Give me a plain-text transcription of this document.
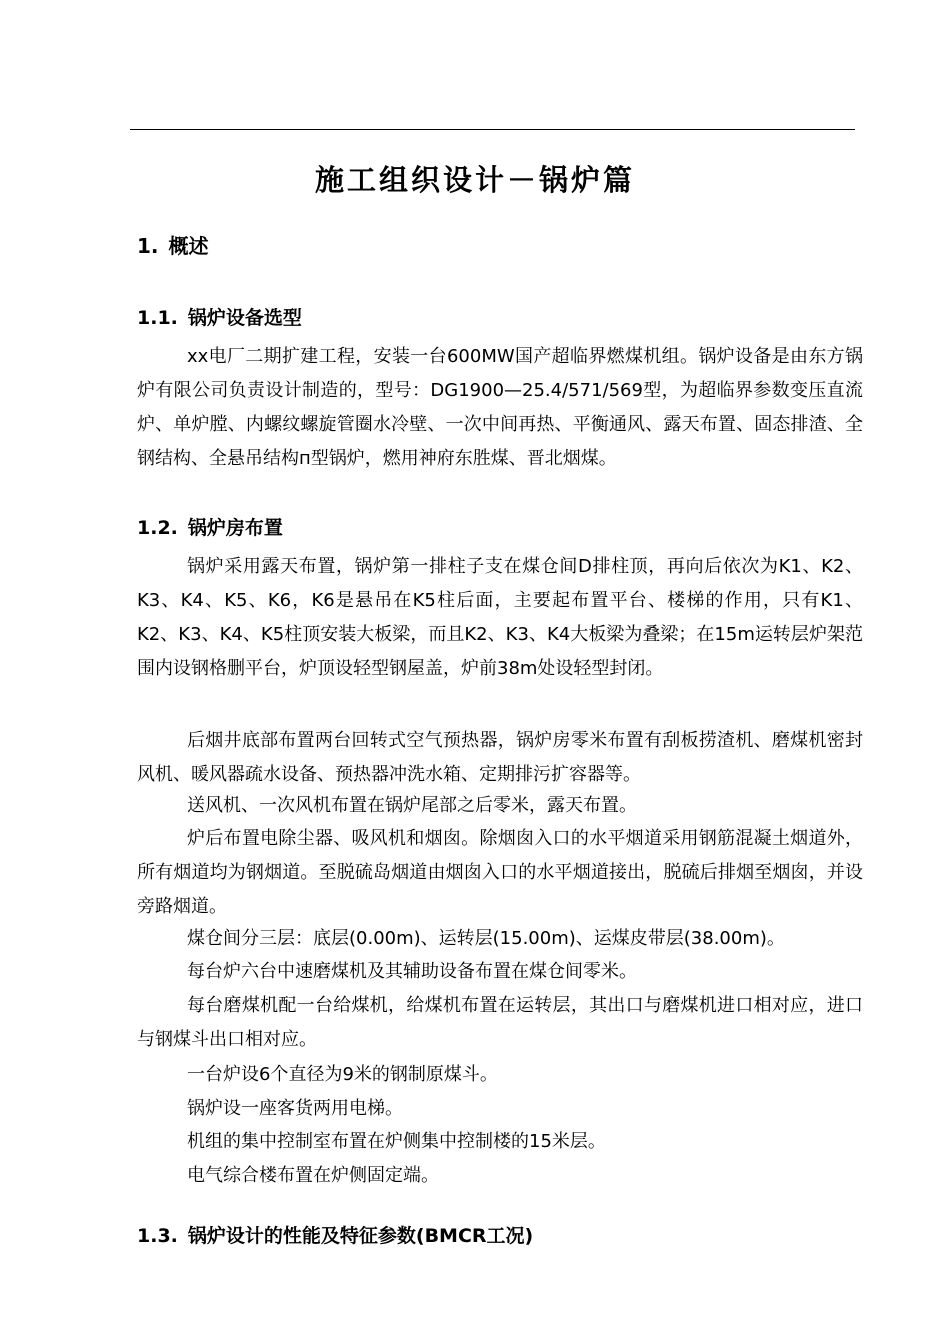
施工组织设计－锅炉篇
1. 概述
1.1. 锅炉设备选型

xx电厂二期扩建工程，安装一台600MW国产超临界燃煤机组。锅炉设备是由东方锅炉有限公司负责设计制造的，型号：DG1900—25.4/571/569型，为超临界参数变压直流炉、单炉膛、内螺纹螺旋管圈水冷壁、一次中间再热、平衡通风、露天布置、固态排渣、全钢结构、全悬吊结构п型锅炉，燃用神府东胜煤、晋北烟煤。

1.2. 锅炉房布置

锅炉采用露天布置，锅炉第一排柱子支在煤仓间D排柱顶，再向后依次为K1、K2、K3、K4、K5、K6，K6是悬吊在K5柱后面，主要起布置平台、楼梯的作用，只有K1、K2、K3、K4、K5柱顶安装大板梁，而且K2、K3、K4大板梁为叠梁；在15m运转层炉架范围内设钢格删平台，炉顶设轻型钢屋盖，炉前38m处设轻型封闭。

后烟井底部布置两台回转式空气预热器，锅炉房零米布置有刮板捞渣机、磨煤机密封风机、暖风器疏水设备、预热器冲洗水箱、定期排污扩容器等。

送风机、一次风机布置在锅炉尾部之后零米，露天布置。

炉后布置电除尘器、吸风机和烟囱。除烟囱入口的水平烟道采用钢筋混凝土烟道外，所有烟道均为钢烟道。至脱硫岛烟道由烟囱入口的水平烟道接出，脱硫后排烟至烟囱，并设旁路烟道。

煤仓间分三层：底层(0.00m)、运转层(15.00m)、运煤皮带层(38.00m)。

每台炉六台中速磨煤机及其辅助设备布置在煤仓间零米。

每台磨煤机配一台给煤机，给煤机布置在运转层，其出口与磨煤机进口相对应，进口与钢煤斗出口相对应。

一台炉设6个直径为9米的钢制原煤斗。

锅炉设一座客货两用电梯。

机组的集中控制室布置在炉侧集中控制楼的15米层。

电气综合楼布置在炉侧固定端。

1.3. 锅炉设计的性能及特征参数(BMCR工况)
